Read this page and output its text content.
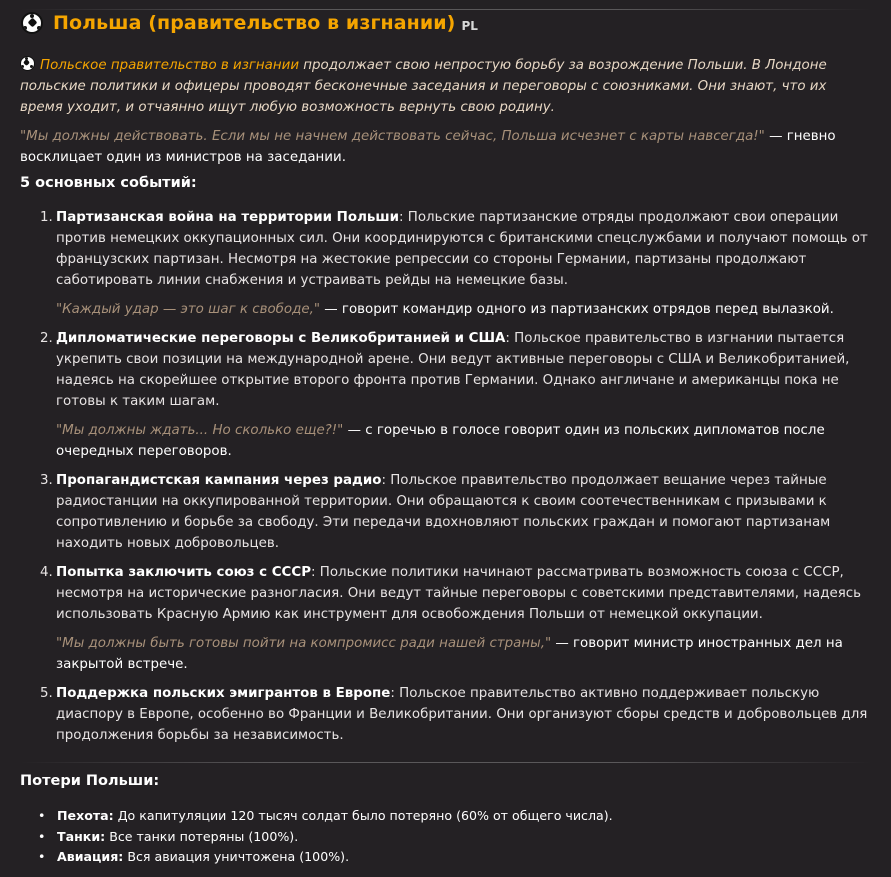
Польша (правительство в изгнании) PL
Польское правительство в изгнании продолжает свою непростую борьбу за возрождение Польши. В Лондоне польские политики и офицеры проводят бесконечные заседания и переговоры с союзниками. Они знают, что их время уходит, и отчаянно ищут любую возможность вернуть свою родину.
"Мы должны действовать. Если мы не начнем действовать сейчас, Польша исчезнет с карты навсегда!" — гневно восклицает один из министров на заседании.
5 основных событий:
1. Партизанская война на территории Польши: Польские партизанские отряды продолжают свои операции против немецких оккупационных сил. Они координируются с британскими спецслужбами и получают помощь от французских партизан. Несмотря на жестокие репрессии со стороны Германии, партизаны продолжают саботировать линии снабжения и устраивать рейды на немецкие базы.
"Каждый удар — это шаг к свободе," — говорит командир одного из партизанских отрядов перед вылазкой.
2. Дипломатические переговоры с Великобританией и США: Польское правительство в изгнании пытается укрепить свои позиции на международной арене. Они ведут активные переговоры с США и Великобританией, надеясь на скорейшее открытие второго фронта против Германии. Однако англичане и американцы пока не готовы к таким шагам.
"Мы должны ждать... Но сколько еще?!" — с горечью в голосе говорит один из польских дипломатов после очередных переговоров.
3. Пропагандистская кампания через радио: Польское правительство продолжает вещание через тайные радиостанции на оккупированной территории. Они обращаются к своим соотечественникам с призывами к сопротивлению и борьбе за свободу. Эти передачи вдохновляют польских граждан и помогают партизанам находить новых добровольцев.
4. Попытка заключить союз с СССР: Польские политики начинают рассматривать возможность союза с СССР, несмотря на исторические разногласия. Они ведут тайные переговоры с советскими представителями, надеясь использовать Красную Армию как инструмент для освобождения Польши от немецкой оккупации.
"Мы должны быть готовы пойти на компромисс ради нашей страны," — говорит министр иностранных дел на закрытой встрече.
5. Поддержка польских эмигрантов в Европе: Польское правительство активно поддерживает польскую диаспору в Европе, особенно во Франции и Великобритании. Они организуют сборы средств и добровольцев для продолжения борьбы за независимость.
Потери Польши:
• Пехота: До капитуляции 120 тысяч солдат было потеряно (60% от общего числа).
• Танки: Все танки потеряны (100%).
• Авиация: Вся авиация уничтожена (100%).
